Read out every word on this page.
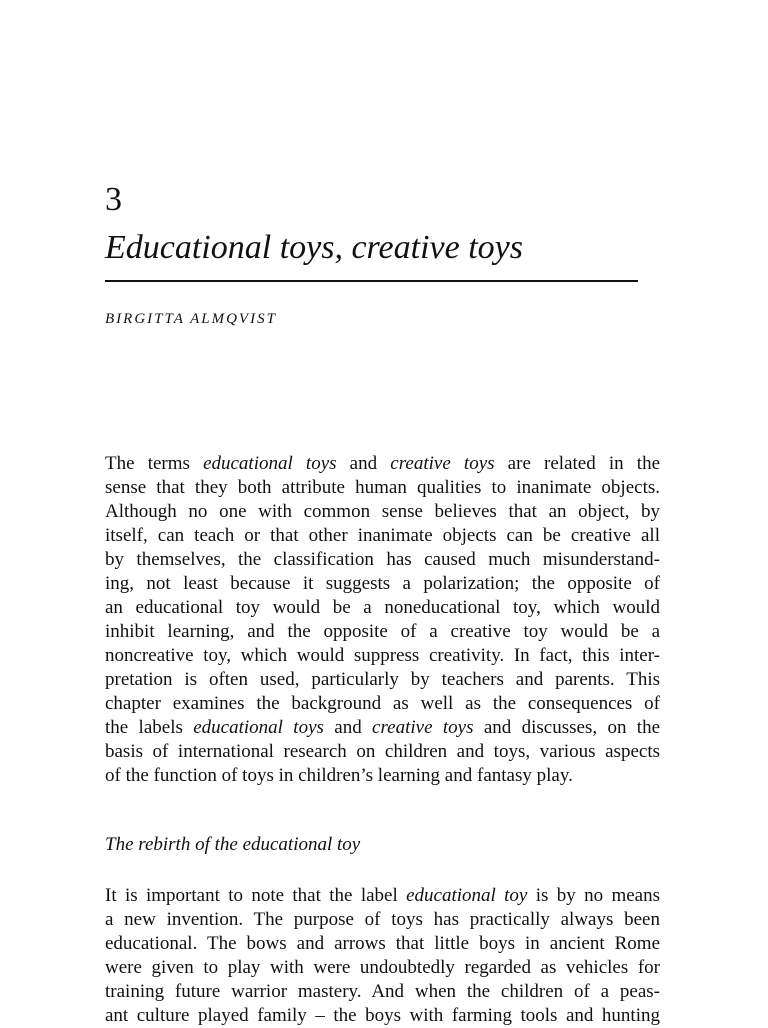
3
Educational toys, creative toys

BIRGITTA ALMQVIST

The terms educational toys and creative toys are related in the
sense that they both attribute human qualities to inanimate objects.
Although no one with common sense believes that an object, by
itself, can teach or that other inanimate objects can be creative all
by themselves, the classification has caused much misunderstand-
ing, not least because it suggests a polarization; the opposite of
an educational toy would be a noneducational toy, which would
inhibit learning, and the opposite of a creative toy would be a
noncreative toy, which would suppress creativity. In fact, this inter-
pretation is often used, particularly by teachers and parents. This
chapter examines the background as well as the consequences of
the labels educational toys and creative toys and discusses, on the
basis of international research on children and toys, various aspects
of the function of toys in children’s learning and fantasy play.

The rebirth of the educational toy

It is important to note that the label educational toy is by no means
a new invention. The purpose of toys has practically always been
educational. The bows and arrows that little boys in ancient Rome
were given to play with were undoubtedly regarded as vehicles for
training future warrior mastery. And when the children of a peas-
ant culture played family – the boys with farming tools and hunting
